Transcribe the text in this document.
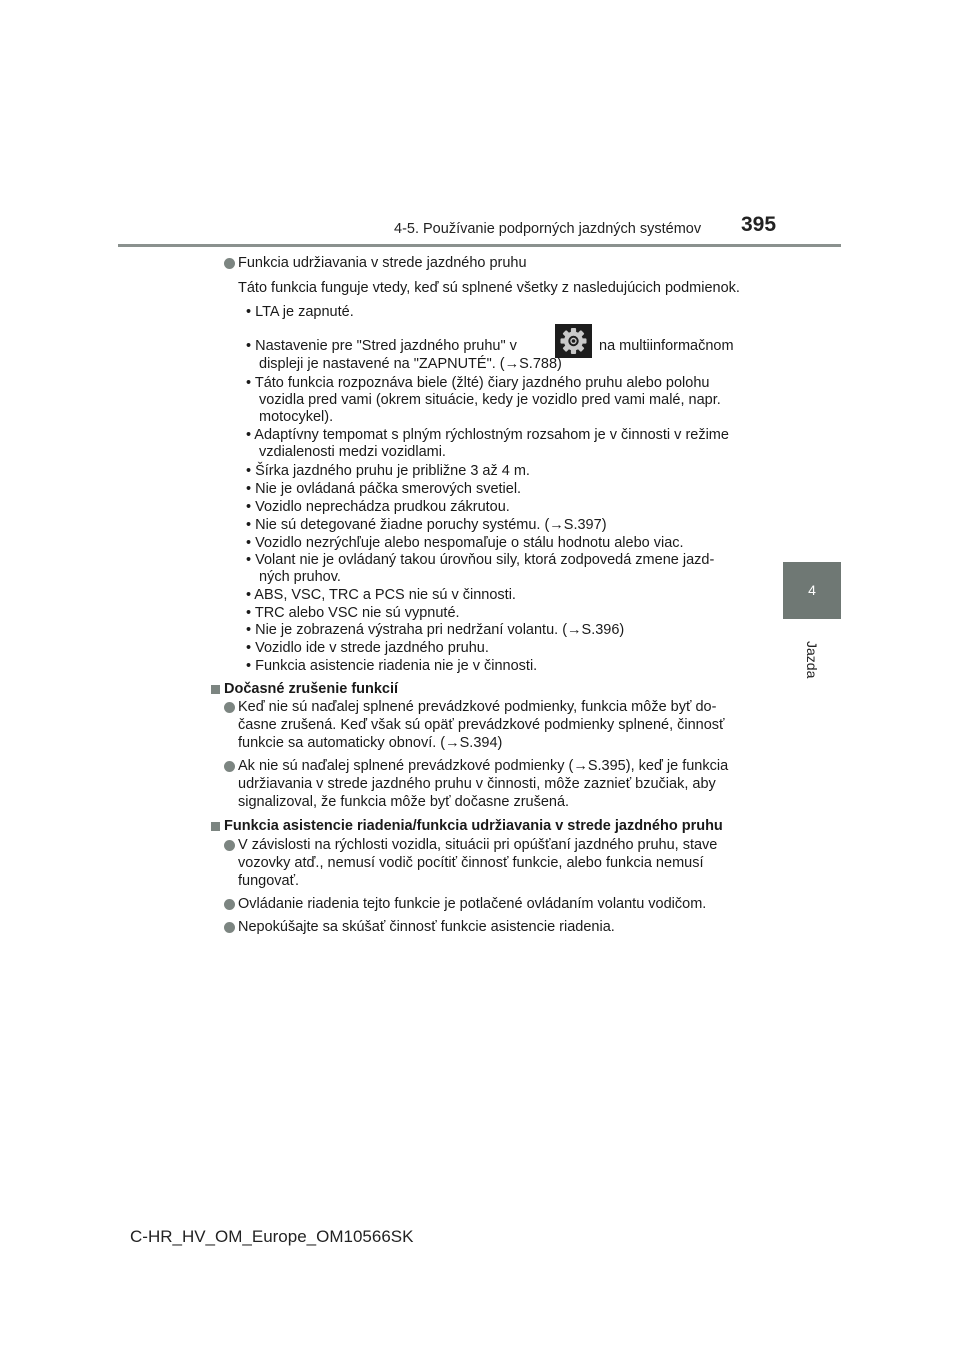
4-5. Používanie podporných jazdných systémov 395
4
Jazda
Funkcia udržiavania v strede jazdného pruhu
Táto funkcia funguje vtedy, keď sú splnené všetky z nasledujúcich podmienok.
• LTA je zapnuté.
• Nastavenie pre "Stred jazdného pruhu" v	na multiinformačnom
displeji je nastavené na "ZAPNUTÉ". (→S.788)
• Táto funkcia rozpoznáva biele (žlté) čiary jazdného pruhu alebo polohu
vozidla pred vami (okrem situácie, kedy je vozidlo pred vami malé, napr.
motocykel).
• Adaptívny tempomat s plným rýchlostným rozsahom je v činnosti v režime
vzdialenosti medzi vozidlami.
• Šírka jazdného pruhu je približne 3 až 4 m.
• Nie je ovládaná páčka smerových svetiel.
• Vozidlo neprechádza prudkou zákrutou.
• Nie sú detegované žiadne poruchy systému. (→S.397)
• Vozidlo nezrýchľuje alebo nespomaľuje o stálu hodnotu alebo viac.
• Volant nie je ovládaný takou úrovňou sily, ktorá zodpovedá zmene jazd-
ných pruhov.
• ABS, VSC, TRC a PCS nie sú v činnosti.
• TRC alebo VSC nie sú vypnuté.
• Nie je zobrazená výstraha pri nedržaní volantu. (→S.396)
• Vozidlo ide v strede jazdného pruhu.
• Funkcia asistencie riadenia nie je v činnosti.
Dočasné zrušenie funkcií
Keď nie sú naďalej splnené prevádzkové podmienky, funkcia môže byť do-
časne zrušená. Keď však sú opäť prevádzkové podmienky splnené, činnosť
funkcie sa automaticky obnoví. (→S.394)
Ak nie sú naďalej splnené prevádzkové podmienky (→S.395), keď je funkcia
udržiavania v strede jazdného pruhu v činnosti, môže zaznieť bzučiak, aby
signalizoval, že funkcia môže byť dočasne zrušená.
Funkcia asistencie riadenia/funkcia udržiavania v strede jazdného pruhu
V závislosti na rýchlosti vozidla, situácii pri opúšťaní jazdného pruhu, stave
vozovky atď., nemusí vodič pocítiť činnosť funkcie, alebo funkcia nemusí
fungovať.
Ovládanie riadenia tejto funkcie je potlačené ovládaním volantu vodičom.
Nepokúšajte sa skúšať činnosť funkcie asistencie riadenia.
C-HR_HV_OM_Europe_OM10566SK
